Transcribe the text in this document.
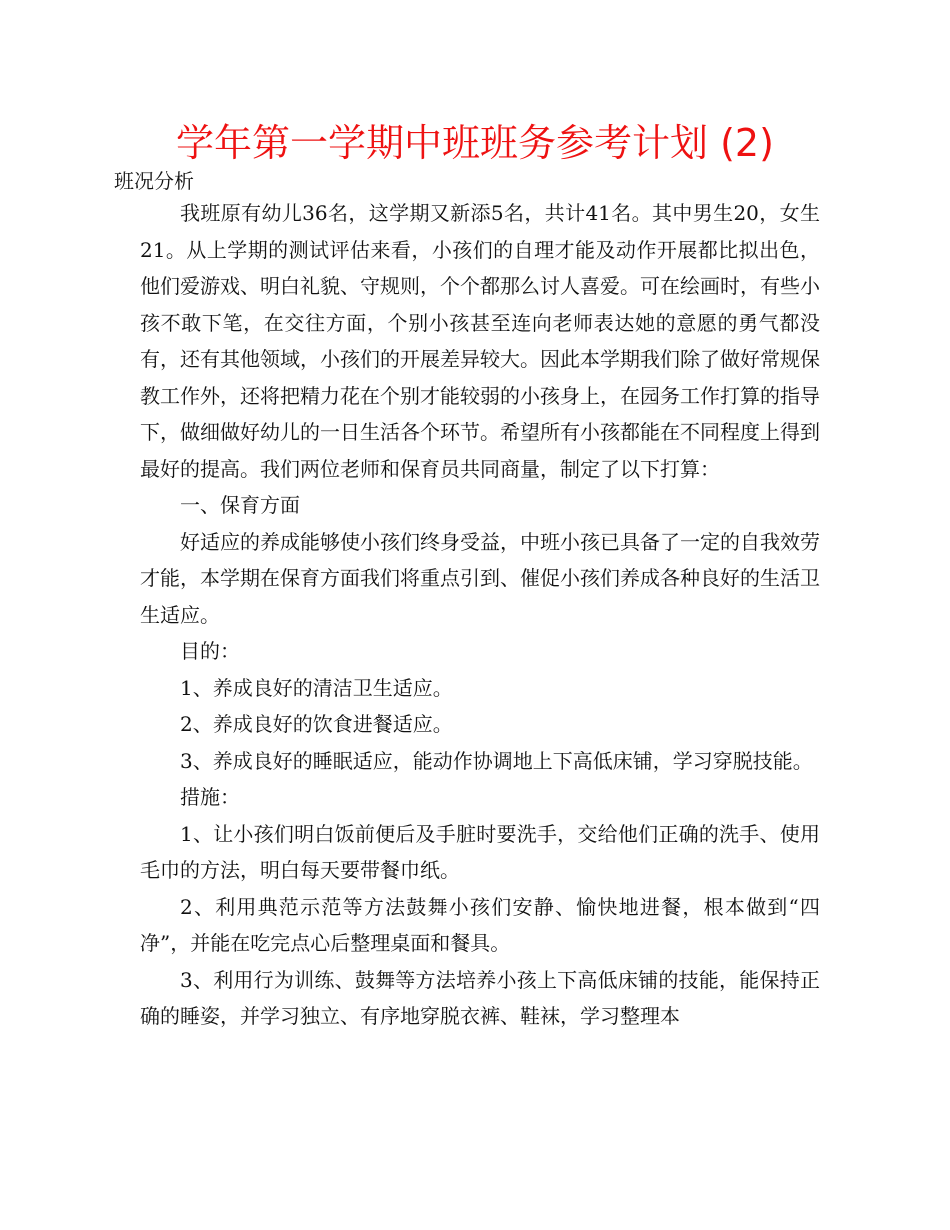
学年第一学期中班班务参考计划 (2)

班况分析

我班原有幼儿36名，这学期又新添5名，共计41名。其中男生20，女生21。从上学期的测试评估来看，小孩们的自理才能及动作开展都比拟出色，他们爱游戏、明白礼貌、守规则，个个都那么讨人喜爱。可在绘画时，有些小孩不敢下笔，在交往方面，个别小孩甚至连向老师表达她的意愿的勇气都没有，还有其他领域，小孩们的开展差异较大。因此本学期我们除了做好常规保教工作外，还将把精力花在个别才能较弱的小孩身上，在园务工作打算的指导下，做细做好幼儿的一日生活各个环节。希望所有小孩都能在不同程度上得到最好的提高。我们两位老师和保育员共同商量，制定了以下打算：

一、保育方面

好适应的养成能够使小孩们终身受益，中班小孩已具备了一定的自我效劳才能，本学期在保育方面我们将重点引到、催促小孩们养成各种良好的生活卫生适应。

目的：

1、养成良好的清洁卫生适应。

2、养成良好的饮食进餐适应。

3、养成良好的睡眠适应，能动作协调地上下高低床铺，学习穿脱技能。

措施：

1、让小孩们明白饭前便后及手脏时要洗手，交给他们正确的洗手、使用毛巾的方法，明白每天要带餐巾纸。

2、利用典范示范等方法鼓舞小孩们安静、愉快地进餐，根本做到“四净”，并能在吃完点心后整理桌面和餐具。

3、利用行为训练、鼓舞等方法培养小孩上下高低床铺的技能，能保持正确的睡姿，并学习独立、有序地穿脱衣裤、鞋袜，学习整理本
